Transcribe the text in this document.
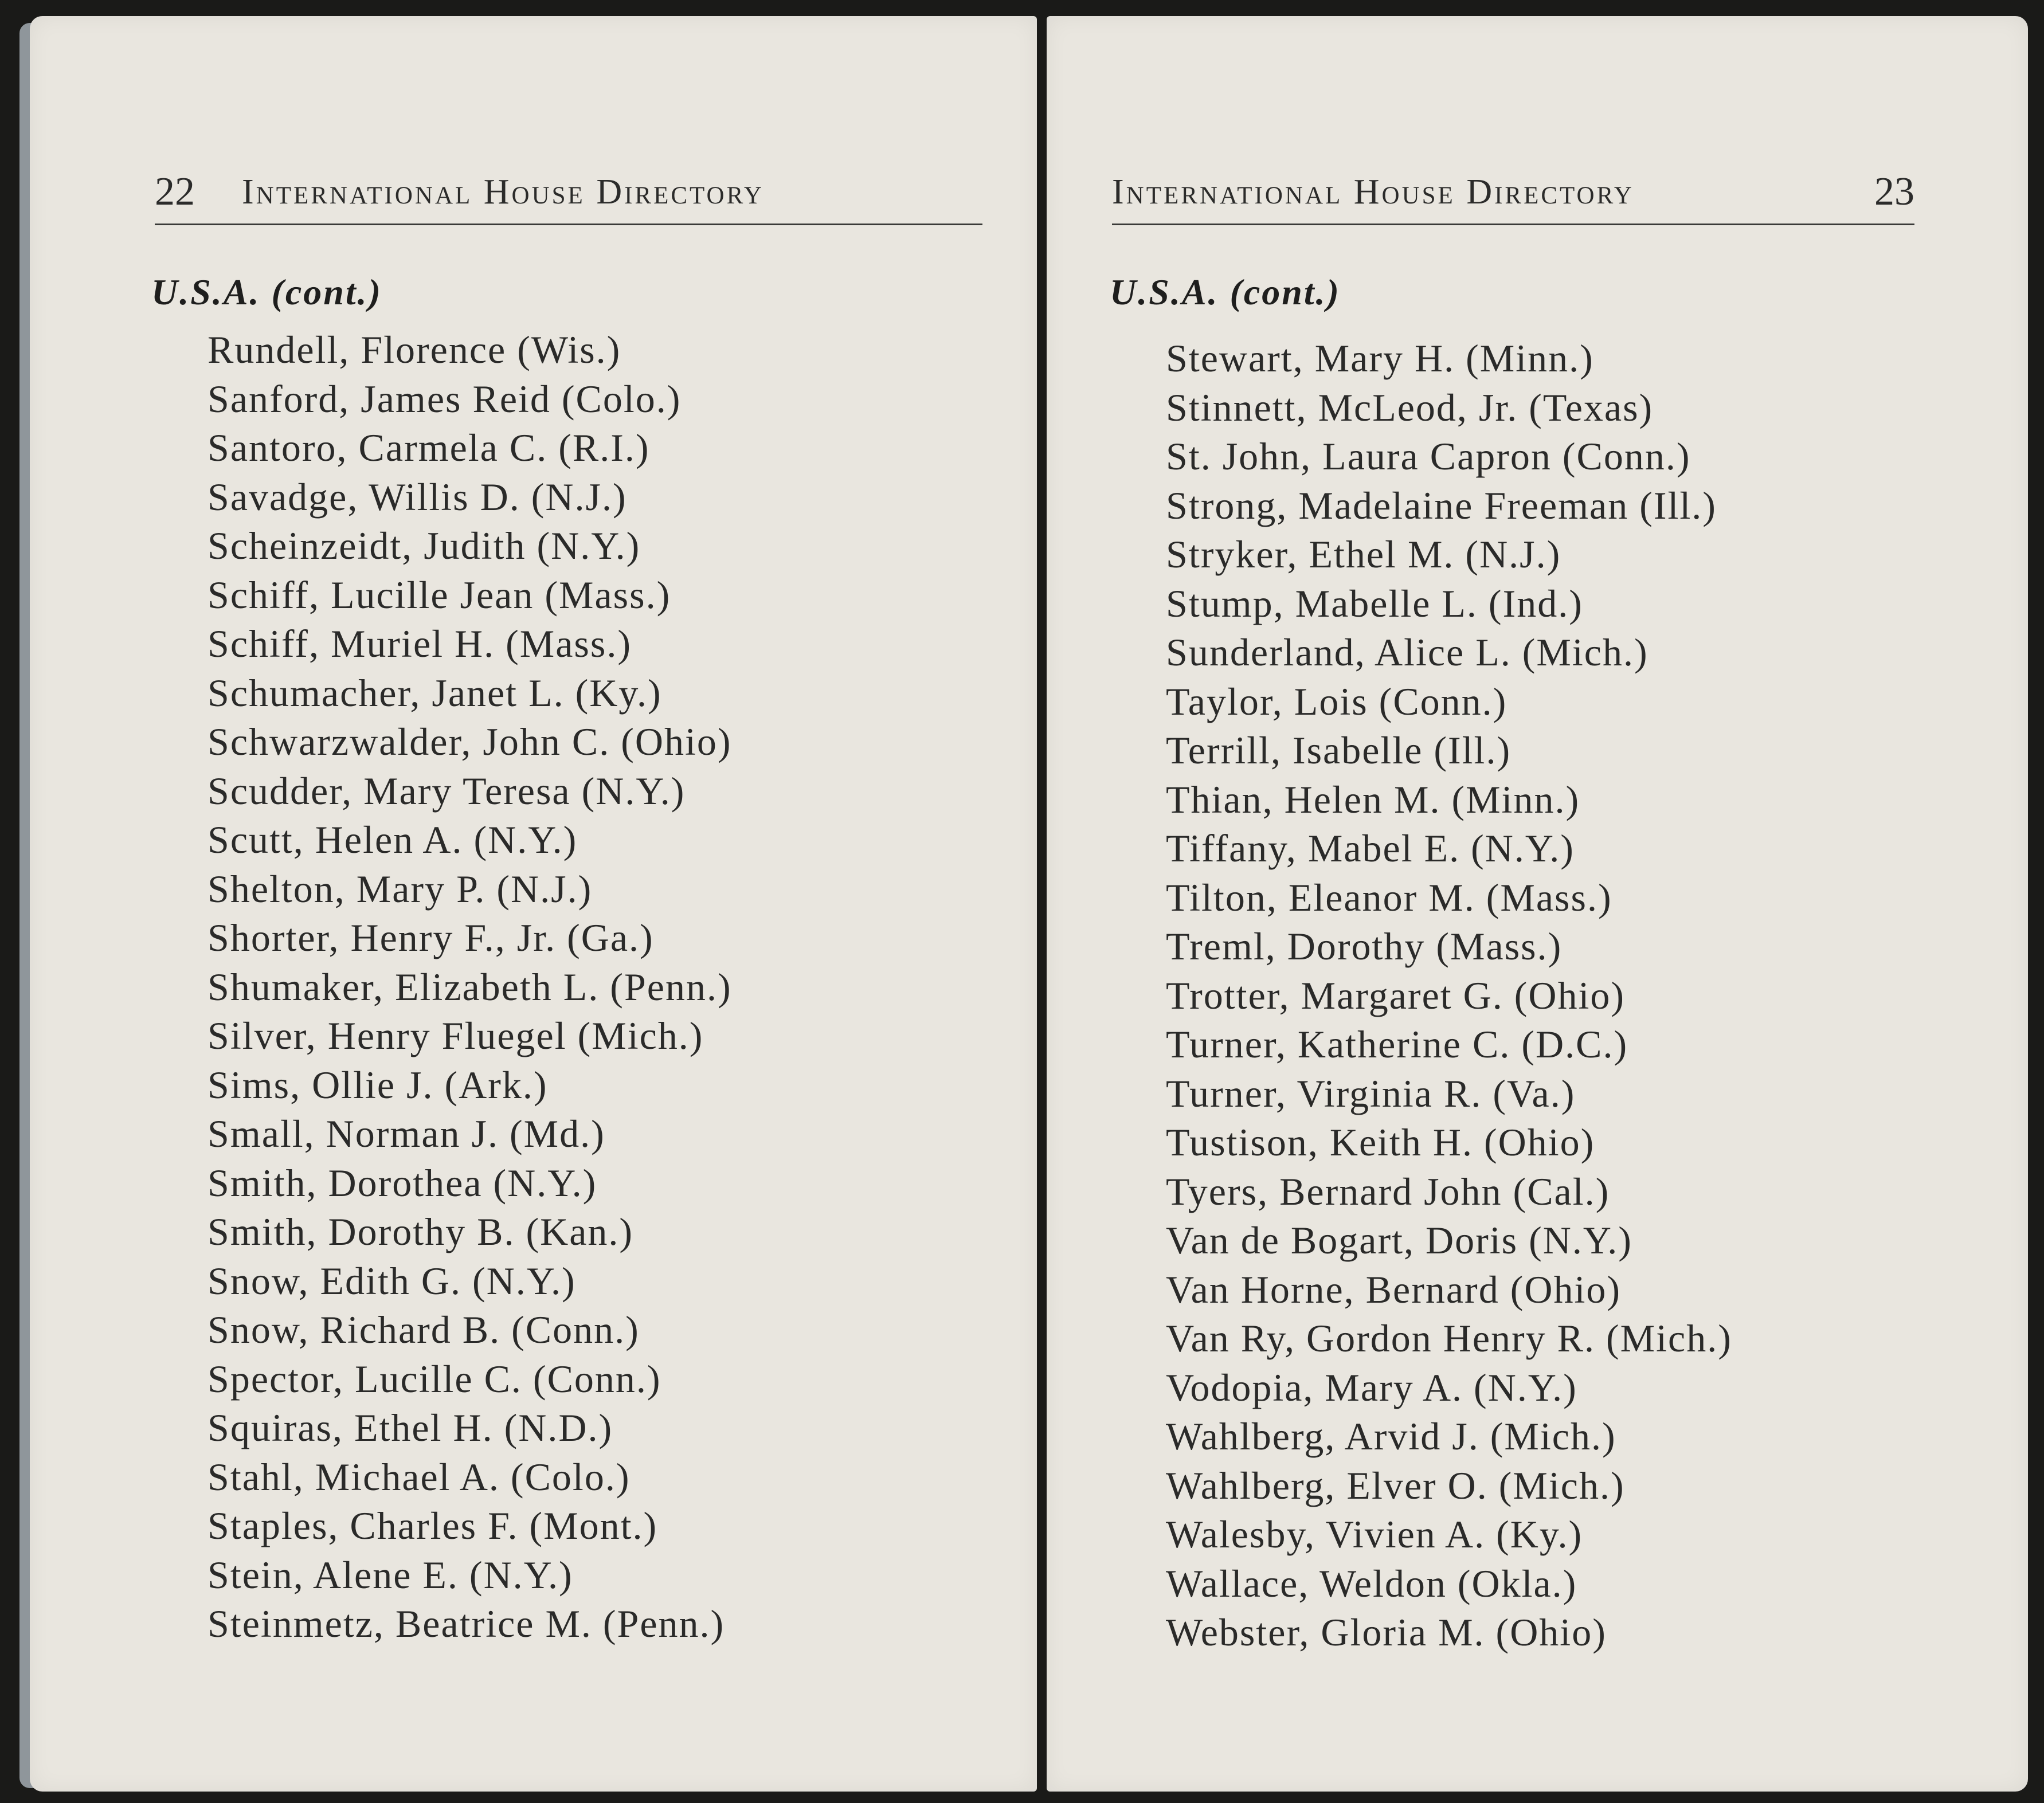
22 International House Directory
U.S.A. (cont.)
Rundell, Florence (Wis.)
Sanford, James Reid (Colo.)
Santoro, Carmela C. (R.I.)
Savadge, Willis D. (N.J.)
Scheinzeidt, Judith (N.Y.)
Schiff, Lucille Jean (Mass.)
Schiff, Muriel H. (Mass.)
Schumacher, Janet L. (Ky.)
Schwarzwalder, John C. (Ohio)
Scudder, Mary Teresa (N.Y.)
Scutt, Helen A. (N.Y.)
Shelton, Mary P. (N.J.)
Shorter, Henry F., Jr. (Ga.)
Shumaker, Elizabeth L. (Penn.)
Silver, Henry Fluegel (Mich.)
Sims, Ollie J. (Ark.)
Small, Norman J. (Md.)
Smith, Dorothea (N.Y.)
Smith, Dorothy B. (Kan.)
Snow, Edith G. (N.Y.)
Snow, Richard B. (Conn.)
Spector, Lucille C. (Conn.)
Squiras, Ethel H. (N.D.)
Stahl, Michael A. (Colo.)
Staples, Charles F. (Mont.)
Stein, Alene E. (N.Y.)
Steinmetz, Beatrice M. (Penn.)
International House Directory	23
U.S.A. (cont.)
Stewart, Mary H. (Minn.)
Stinnett, McLeod, Jr. (Texas)
St. John, Laura Capron (Conn.)
Strong, Madelaine Freeman (Ill.)
Stryker, Ethel M. (N.J.)
Stump, Mabelle L. (Ind.)
Sunderland, Alice L. (Mich.)
Taylor, Lois (Conn.)
Terrill, Isabelle (Ill.)
Thian, Helen M. (Minn.)
Tiffany, Mabel E. (N.Y.)
Tilton, Eleanor M. (Mass.)
Treml, Dorothy (Mass.)
Trotter, Margaret G. (Ohio)
Turner, Katherine C. (D.C.)
Turner, Virginia R. (Va.)
Tustison, Keith H. (Ohio)
Tyers, Bernard John (Cal.)
Van de Bogart, Doris (N.Y.)
Van Horne, Bernard (Ohio)
Van Ry, Gordon Henry R. (Mich.)
Vodopia, Mary A. (N.Y.)
Wahlberg, Arvid J. (Mich.)
Wahlberg, Elver O. (Mich.)
Walesby, Vivien A. (Ky.)
Wallace, Weldon (Okla.)
Webster, Gloria M. (Ohio)
